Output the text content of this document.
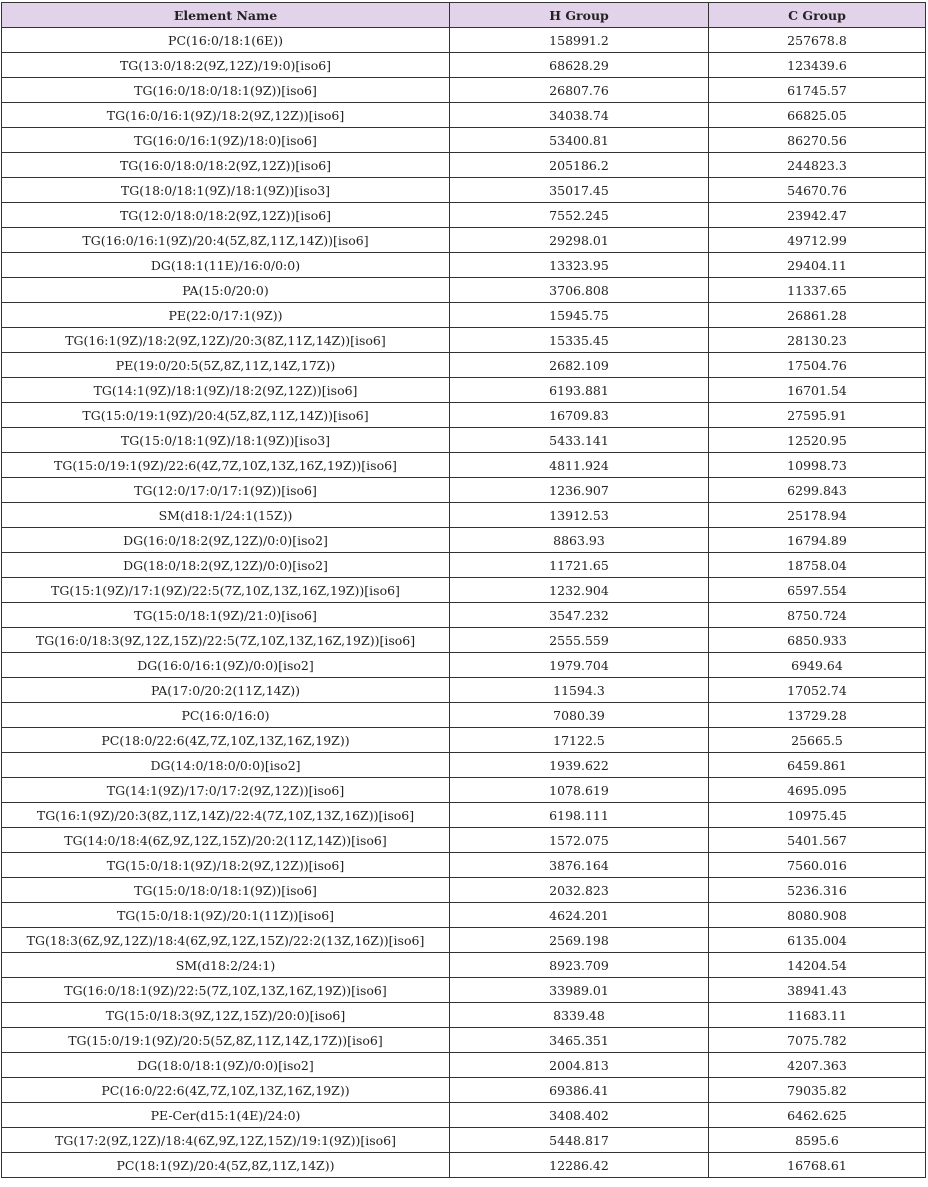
Element Name	H Group	C Group
PC(16:0/18:1(6E))	158991.2	257678.8
TG(13:0/18:2(9Z,12Z)/19:0)[iso6]	68628.29	123439.6
TG(16:0/18:0/18:1(9Z))[iso6]	26807.76	61745.57
TG(16:0/16:1(9Z)/18:2(9Z,12Z))[iso6]	34038.74	66825.05
TG(16:0/16:1(9Z)/18:0)[iso6]	53400.81	86270.56
TG(16:0/18:0/18:2(9Z,12Z))[iso6]	205186.2	244823.3
TG(18:0/18:1(9Z)/18:1(9Z))[iso3]	35017.45	54670.76
TG(12:0/18:0/18:2(9Z,12Z))[iso6]	7552.245	23942.47
TG(16:0/16:1(9Z)/20:4(5Z,8Z,11Z,14Z))[iso6]	29298.01	49712.99
DG(18:1(11E)/16:0/0:0)	13323.95	29404.11
PA(15:0/20:0)	3706.808	11337.65
PE(22:0/17:1(9Z))	15945.75	26861.28
TG(16:1(9Z)/18:2(9Z,12Z)/20:3(8Z,11Z,14Z))[iso6]	15335.45	28130.23
PE(19:0/20:5(5Z,8Z,11Z,14Z,17Z))	2682.109	17504.76
TG(14:1(9Z)/18:1(9Z)/18:2(9Z,12Z))[iso6]	6193.881	16701.54
TG(15:0/19:1(9Z)/20:4(5Z,8Z,11Z,14Z))[iso6]	16709.83	27595.91
TG(15:0/18:1(9Z)/18:1(9Z))[iso3]	5433.141	12520.95
TG(15:0/19:1(9Z)/22:6(4Z,7Z,10Z,13Z,16Z,19Z))[iso6]	4811.924	10998.73
TG(12:0/17:0/17:1(9Z))[iso6]	1236.907	6299.843
SM(d18:1/24:1(15Z))	13912.53	25178.94
DG(16:0/18:2(9Z,12Z)/0:0)[iso2]	8863.93	16794.89
DG(18:0/18:2(9Z,12Z)/0:0)[iso2]	11721.65	18758.04
TG(15:1(9Z)/17:1(9Z)/22:5(7Z,10Z,13Z,16Z,19Z))[iso6]	1232.904	6597.554
TG(15:0/18:1(9Z)/21:0)[iso6]	3547.232	8750.724
TG(16:0/18:3(9Z,12Z,15Z)/22:5(7Z,10Z,13Z,16Z,19Z))[iso6]	2555.559	6850.933
DG(16:0/16:1(9Z)/0:0)[iso2]	1979.704	6949.64
PA(17:0/20:2(11Z,14Z))	11594.3	17052.74
PC(16:0/16:0)	7080.39	13729.28
PC(18:0/22:6(4Z,7Z,10Z,13Z,16Z,19Z))	17122.5	25665.5
DG(14:0/18:0/0:0)[iso2]	1939.622	6459.861
TG(14:1(9Z)/17:0/17:2(9Z,12Z))[iso6]	1078.619	4695.095
TG(16:1(9Z)/20:3(8Z,11Z,14Z)/22:4(7Z,10Z,13Z,16Z))[iso6]	6198.111	10975.45
TG(14:0/18:4(6Z,9Z,12Z,15Z)/20:2(11Z,14Z))[iso6]	1572.075	5401.567
TG(15:0/18:1(9Z)/18:2(9Z,12Z))[iso6]	3876.164	7560.016
TG(15:0/18:0/18:1(9Z))[iso6]	2032.823	5236.316
TG(15:0/18:1(9Z)/20:1(11Z))[iso6]	4624.201	8080.908
TG(18:3(6Z,9Z,12Z)/18:4(6Z,9Z,12Z,15Z)/22:2(13Z,16Z))[iso6]	2569.198	6135.004
SM(d18:2/24:1)	8923.709	14204.54
TG(16:0/18:1(9Z)/22:5(7Z,10Z,13Z,16Z,19Z))[iso6]	33989.01	38941.43
TG(15:0/18:3(9Z,12Z,15Z)/20:0)[iso6]	8339.48	11683.11
TG(15:0/19:1(9Z)/20:5(5Z,8Z,11Z,14Z,17Z))[iso6]	3465.351	7075.782
DG(18:0/18:1(9Z)/0:0)[iso2]	2004.813	4207.363
PC(16:0/22:6(4Z,7Z,10Z,13Z,16Z,19Z))	69386.41	79035.82
PE-Cer(d15:1(4E)/24:0)	3408.402	6462.625
TG(17:2(9Z,12Z)/18:4(6Z,9Z,12Z,15Z)/19:1(9Z))[iso6]	5448.817	8595.6
PC(18:1(9Z)/20:4(5Z,8Z,11Z,14Z))	12286.42	16768.61
